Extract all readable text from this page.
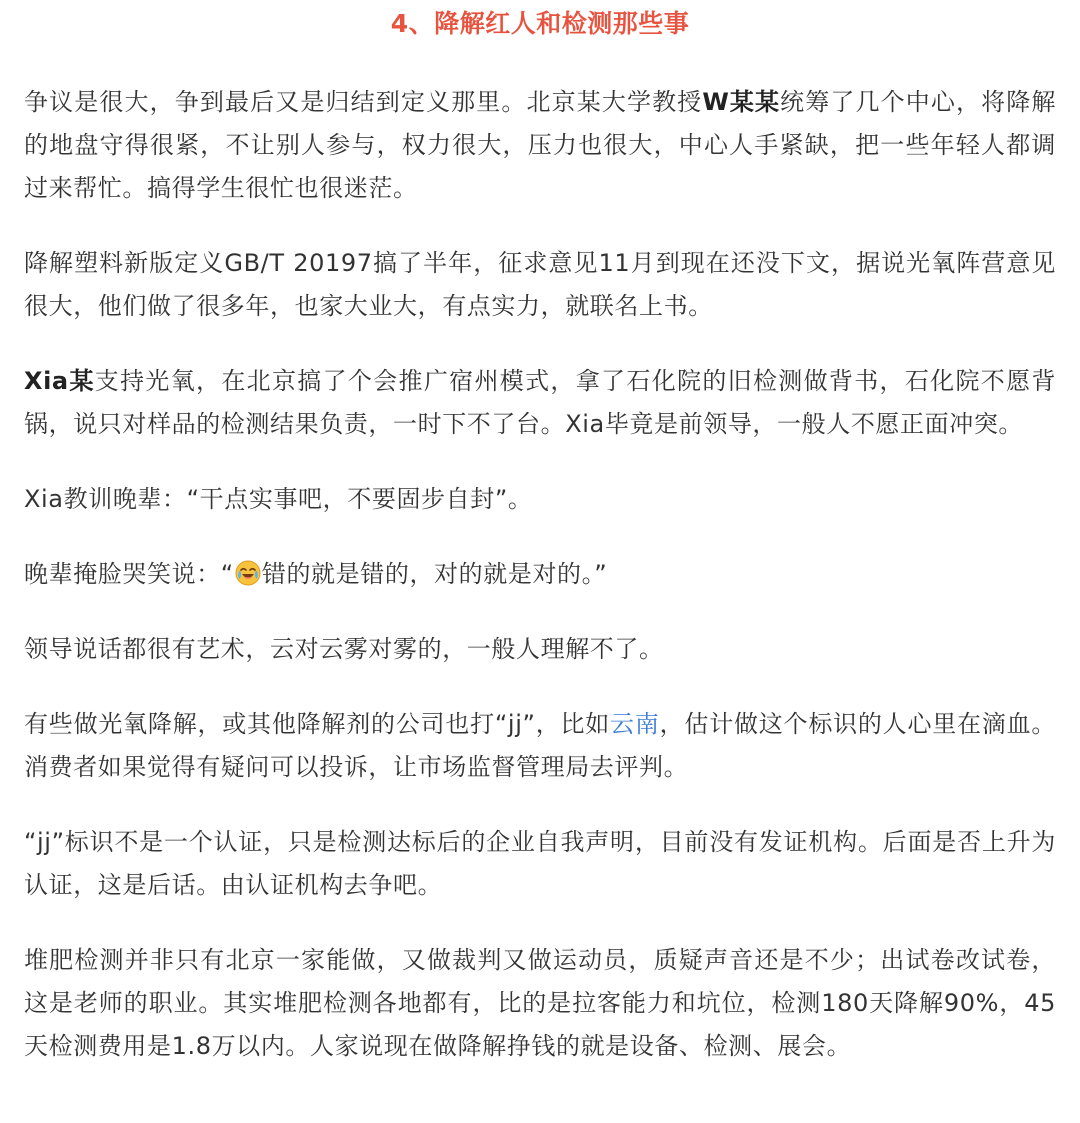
4、降解红人和检测那些事

争议是很大，争到最后又是归结到定义那里。北京某大学教授W某某统筹了几个中心，将降解的地盘守得很紧，不让别人参与，权力很大，压力也很大，中心人手紧缺，把一些年轻人都调过来帮忙。搞得学生很忙也很迷茫。

降解塑料新版定义GB/T 20197搞了半年，征求意见11月到现在还没下文，据说光氧阵营意见很大，他们做了很多年，也家大业大，有点实力，就联名上书。

Xia某支持光氧，在北京搞了个会推广宿州模式，拿了石化院的旧检测做背书，石化院不愿背锅，说只对样品的检测结果负责，一时下不了台。Xia毕竟是前领导，一般人不愿正面冲突。

Xia教训晚辈：“干点实事吧，不要固步自封”。

晚辈掩脸哭笑说：“ 错的就是错的，对的就是对的。”

领导说话都很有艺术，云对云雾对雾的，一般人理解不了。

有些做光氧降解，或其他降解剂的公司也打“jj”，比如云南，估计做这个标识的人心里在滴血。消费者如果觉得有疑问可以投诉，让市场监督管理局去评判。

“jj”标识不是一个认证，只是检测达标后的企业自我声明，目前没有发证机构。后面是否上升为认证，这是后话。由认证机构去争吧。

堆肥检测并非只有北京一家能做，又做裁判又做运动员，质疑声音还是不少；出试卷改试卷，这是老师的职业。其实堆肥检测各地都有，比的是拉客能力和坑位，检测180天降解90%，45天检测费用是1.8万以内。人家说现在做降解挣钱的就是设备、检测、展会。
